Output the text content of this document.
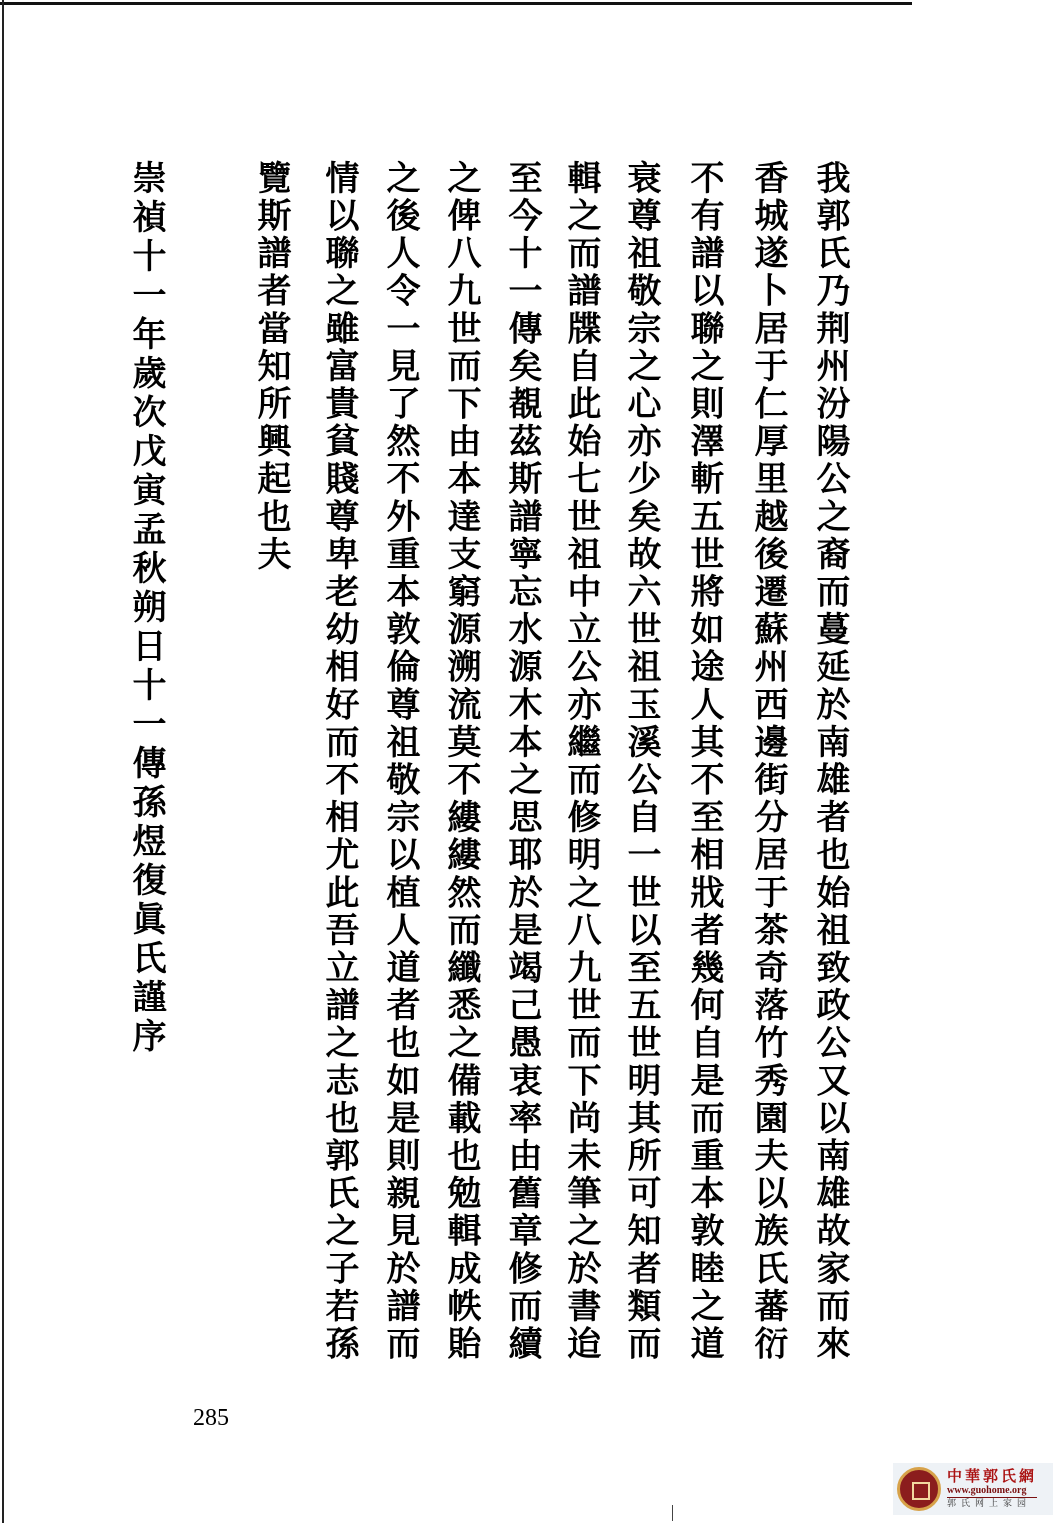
我郭氏乃荆州汾陽公之裔而蔓延於南雄者也始祖致政公又以南雄故家而來
香城遂卜居于仁厚里越後遷蘇州西邊街分居于茶奇落竹秀園夫以族氏蕃衍
不有譜以聯之則澤斬五世將如途人其不至相戕者幾何自是而重本敦睦之道
衰尊祖敬宗之心亦少矣故六世祖玉溪公自一世以至五世明其所可知者類而
輯之而譜牒自此始七世祖中立公亦繼而修明之八九世而下尚未筆之於書迨
至今十一傳矣覩茲斯譜寧忘水源木本之思耶於是竭己愚衷率由舊章修而續
之俾八九世而下由本達支窮源溯流莫不縷縷然而纖悉之備載也勉輯成帙貽
之後人令一見了然不外重本敦倫尊祖敬宗以植人道者也如是則親見於譜而
情以聯之雖富貴貧賤尊卑老幼相好而不相尤此吾立譜之志也郭氏之子若孫
覽斯譜者當知所興起也夫
崇禎十一年歲次戊寅孟秋朔日十一傳孫煜復眞氏謹序
285
中華郭氏網
www.guohome.org
郭氏网上家园
